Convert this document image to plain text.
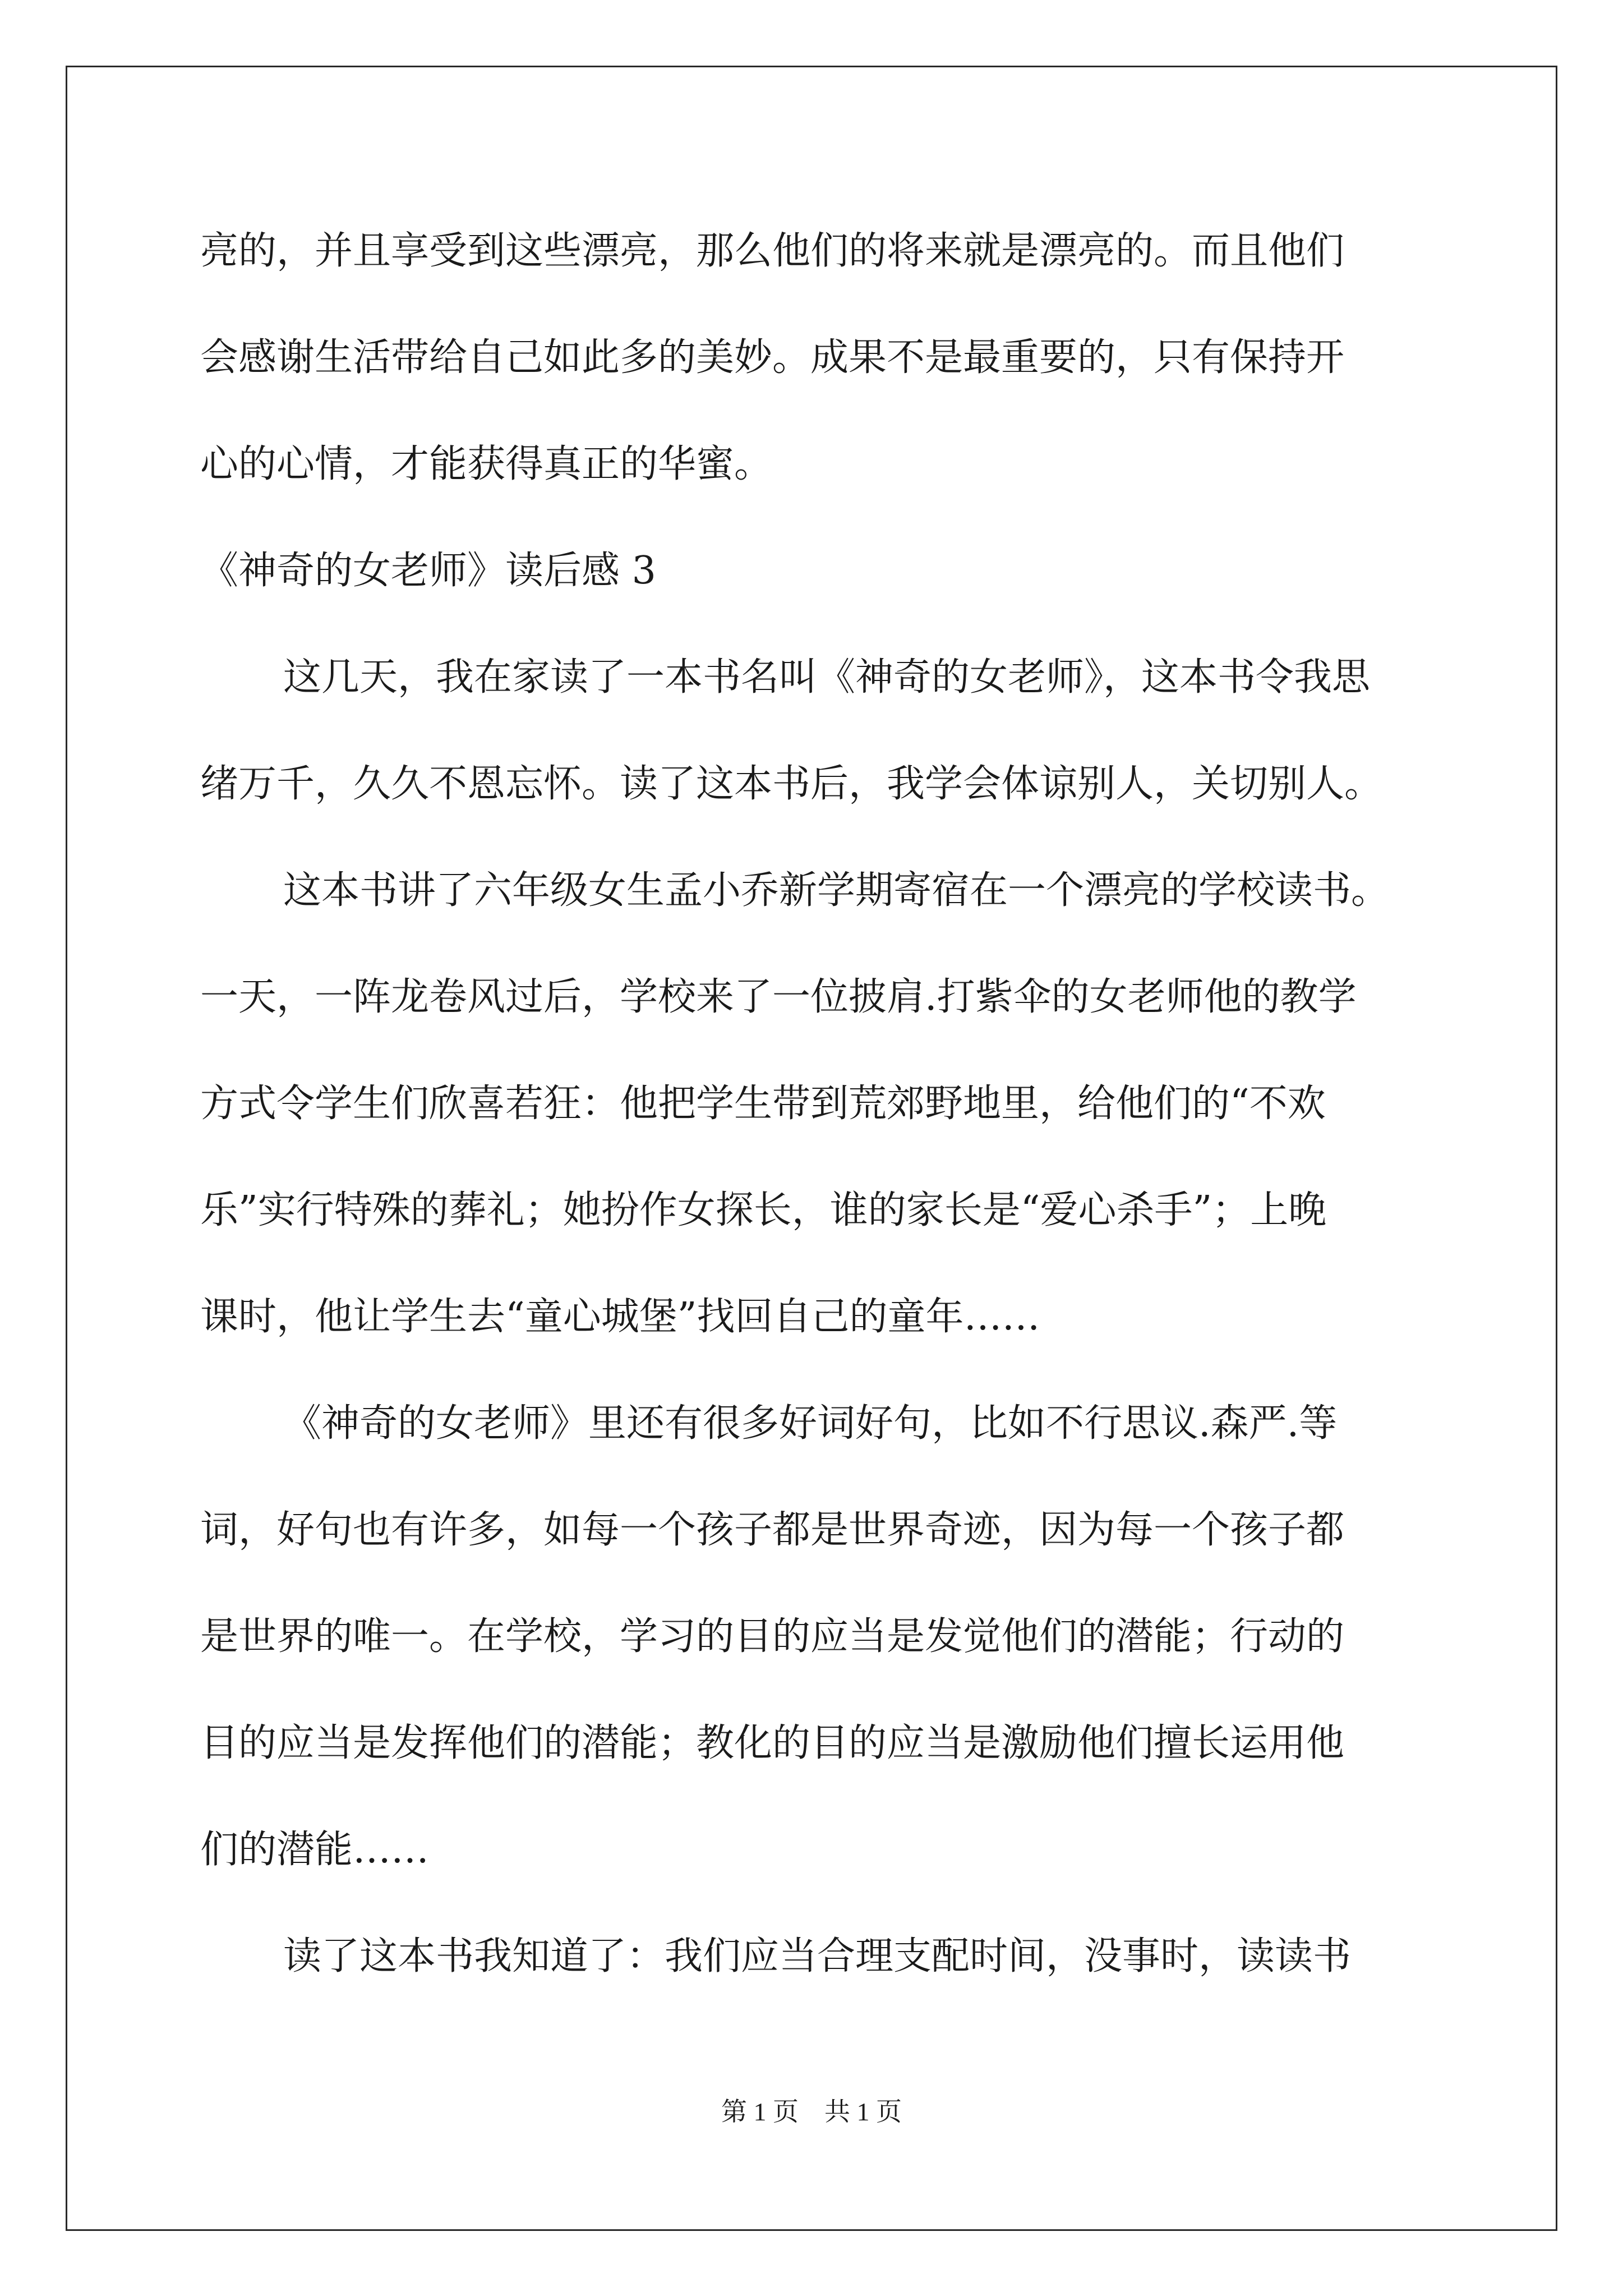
亮的，并且享受到这些漂亮，那么他们的将来就是漂亮的。而且他们
会感谢生活带给自己如此多的美妙。成果不是最重要的，只有保持开
心的心情，才能获得真正的华蜜。
《神奇的女老师》读后感 3
这几天，我在家读了一本书名叫《神奇的女老师》，这本书令我思
绪万千，久久不恩忘怀。读了这本书后，我学会体谅别人，关切别人。
这本书讲了六年级女生孟小乔新学期寄宿在一个漂亮的学校读书。
一天，一阵龙卷风过后，学校来了一位披肩.打紫伞的女老师他的教学
方式令学生们欣喜若狂：他把学生带到荒郊野地里，给他们的“不欢
乐”实行特殊的葬礼；她扮作女探长，谁的家长是“爱心杀手”；上晚
课时，他让学生去“童心城堡”找回自己的童年……
《神奇的女老师》里还有很多好词好句，比如不行思议.森严.等
词，好句也有许多，如每一个孩子都是世界奇迹，因为每一个孩子都
是世界的唯一。在学校，学习的目的应当是发觉他们的潜能；行动的
目的应当是发挥他们的潜能；教化的目的应当是激励他们擅长运用他
们的潜能……
读了这本书我知道了：我们应当合理支配时间，没事时，读读书
第 1 页　共 1 页
